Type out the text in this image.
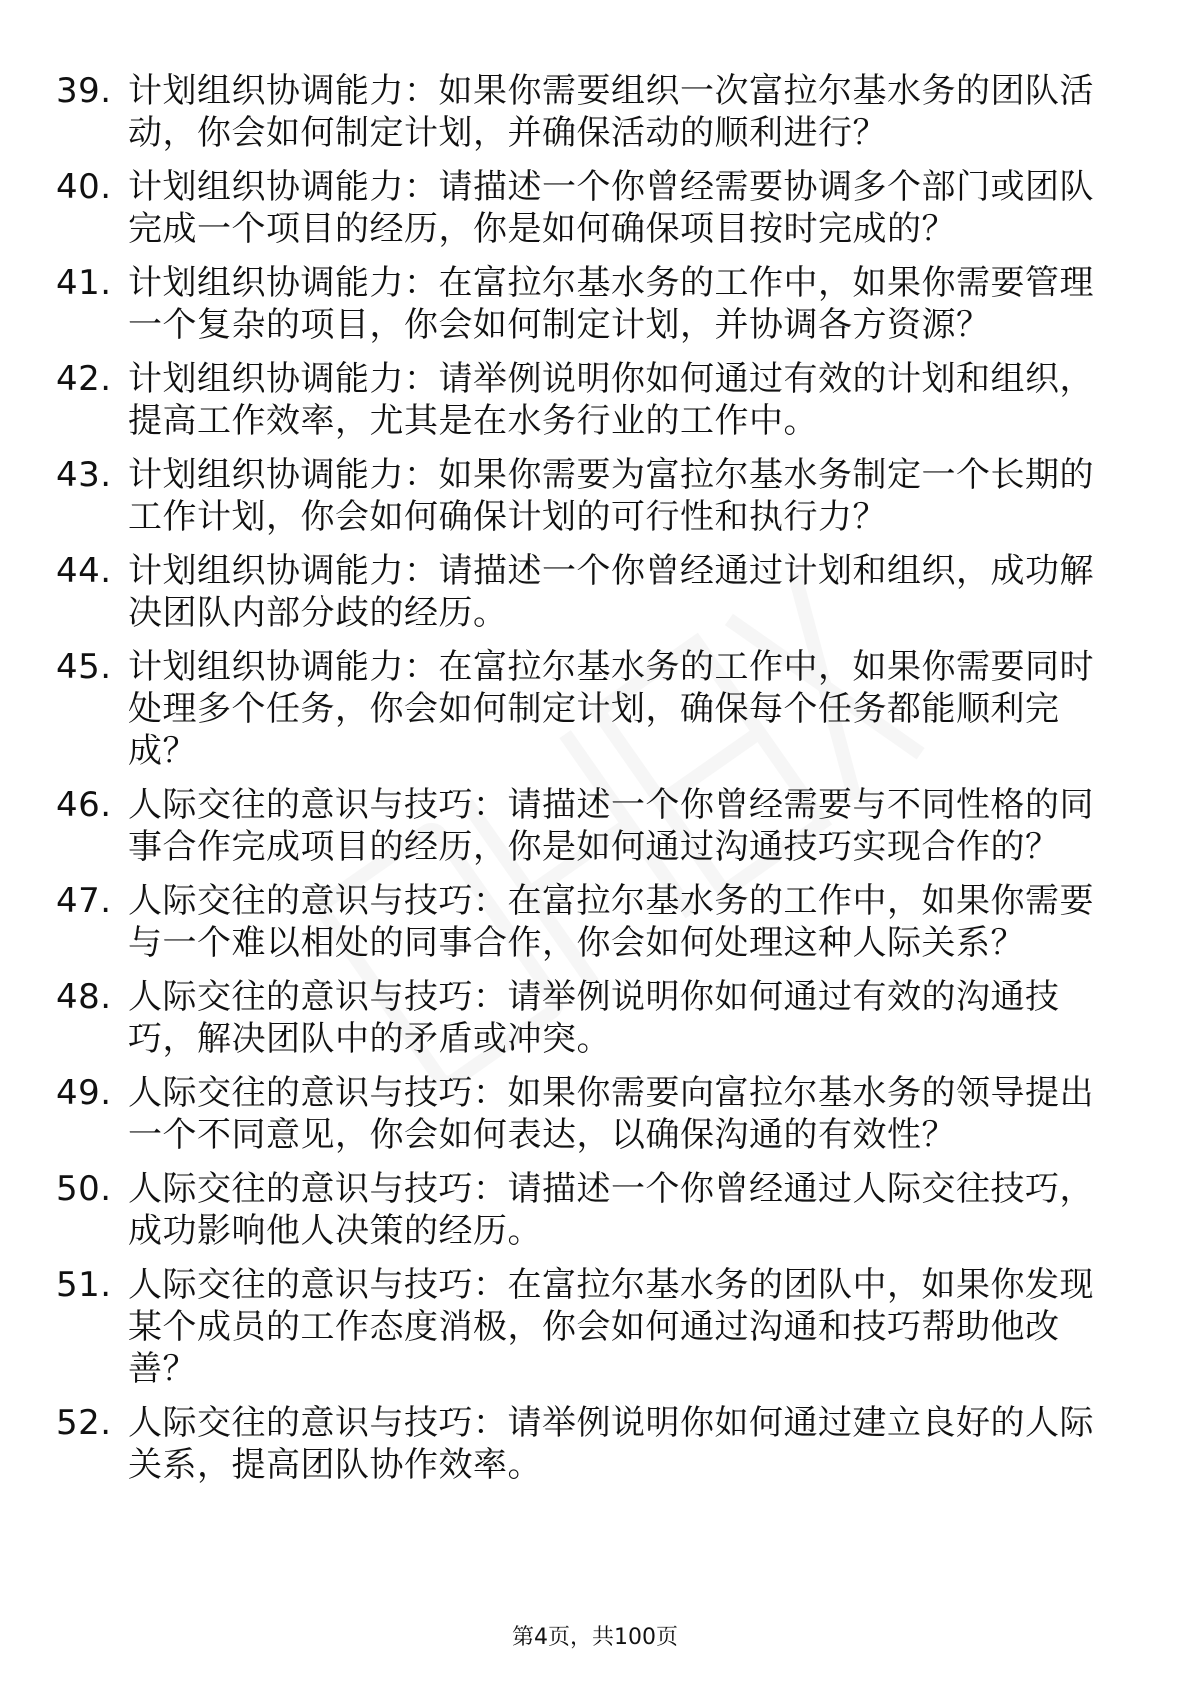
39. 计划组织协调能力：如果你需要组织一次富拉尔基水务的团队活动，你会如何制定计划，并确保活动的顺利进行？
40. 计划组织协调能力：请描述一个你曾经需要协调多个部门或团队完成一个项目的经历，你是如何确保项目按时完成的？
41. 计划组织协调能力：在富拉尔基水务的工作中，如果你需要管理一个复杂的项目，你会如何制定计划，并协调各方资源？
42. 计划组织协调能力：请举例说明你如何通过有效的计划和组织，提高工作效率，尤其是在水务行业的工作中。
43. 计划组织协调能力：如果你需要为富拉尔基水务制定一个长期的工作计划，你会如何确保计划的可行性和执行力？
44. 计划组织协调能力：请描述一个你曾经通过计划和组织，成功解决团队内部分歧的经历。
45. 计划组织协调能力：在富拉尔基水务的工作中，如果你需要同时处理多个任务，你会如何制定计划，确保每个任务都能顺利完成？
46. 人际交往的意识与技巧：请描述一个你曾经需要与不同性格的同事合作完成项目的经历，你是如何通过沟通技巧实现合作的？
47. 人际交往的意识与技巧：在富拉尔基水务的工作中，如果你需要与一个难以相处的同事合作，你会如何处理这种人际关系？
48. 人际交往的意识与技巧：请举例说明你如何通过有效的沟通技巧，解决团队中的矛盾或冲突。
49. 人际交往的意识与技巧：如果你需要向富拉尔基水务的领导提出一个不同意见，你会如何表达，以确保沟通的有效性？
50. 人际交往的意识与技巧：请描述一个你曾经通过人际交往技巧，成功影响他人决策的经历。
51. 人际交往的意识与技巧：在富拉尔基水务的团队中，如果你发现某个成员的工作态度消极，你会如何通过沟通和技巧帮助他改善？
52. 人际交往的意识与技巧：请举例说明你如何通过建立良好的人际关系，提高团队协作效率。
第4页，共100页
